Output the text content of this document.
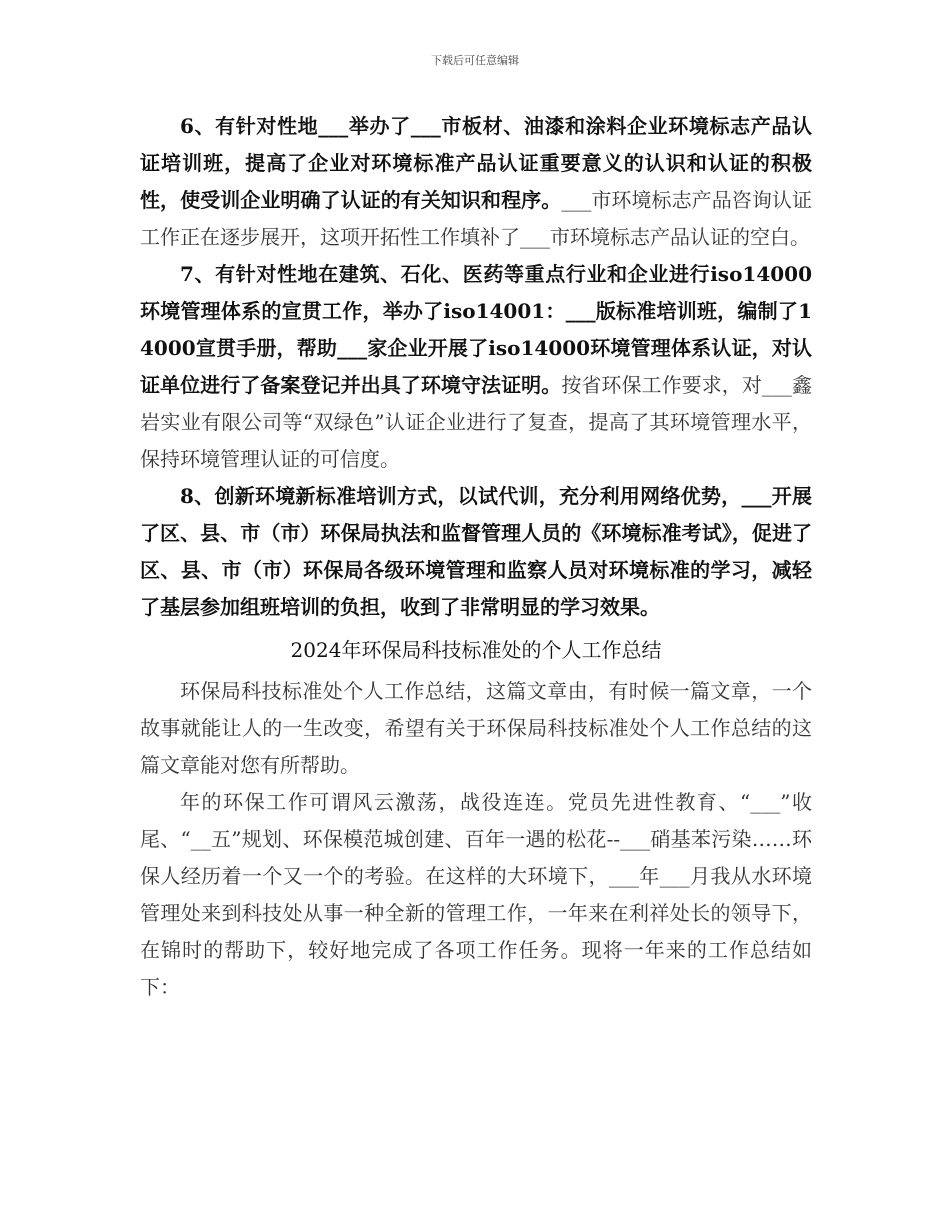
下载后可任意编辑

6、有针对性地___举办了___市板材、油漆和涂料企业环境标志产品认证培训班，提高了企业对环境标准产品认证重要意义的认识和认证的积极性，使受训企业明确了认证的有关知识和程序。___市环境标志产品咨询认证工作正在逐步展开，这项开拓性工作填补了___市环境标志产品认证的空白。

7、有针对性地在建筑、石化、医药等重点行业和企业进行iso14000环境管理体系的宣贯工作，举办了iso14001：___版标准培训班，编制了14000宣贯手册，帮助___家企业开展了iso14000环境管理体系认证，对认证单位进行了备案登记并出具了环境守法证明。按省环保工作要求，对___鑫岩实业有限公司等“双绿色”认证企业进行了复查，提高了其环境管理水平，保持环境管理认证的可信度。

8、创新环境新标准培训方式，以试代训，充分利用网络优势，___开展了区、县、市（市）环保局执法和监督管理人员的《环境标准考试》，促进了区、县、市（市）环保局各级环境管理和监察人员对环境标准的学习，减轻了基层参加组班培训的负担，收到了非常明显的学习效果。

2024年环保局科技标准处的个人工作总结

环保局科技标准处个人工作总结，这篇文章由，有时候一篇文章，一个故事就能让人的一生改变，希望有关于环保局科技标准处个人工作总结的这篇文章能对您有所帮助。

年的环保工作可谓风云激荡，战役连连。党员先进性教育、“___”收尾、“__五”规划、环保模范城创建、百年一遇的松花--___硝基苯污染……环保人经历着一个又一个的考验。在这样的大环境下，___年___月我从水环境管理处来到科技处从事一种全新的管理工作，一年来在利祥处长的领导下，在锦时的帮助下，较好地完成了各项工作任务。现将一年来的工作总结如下：
